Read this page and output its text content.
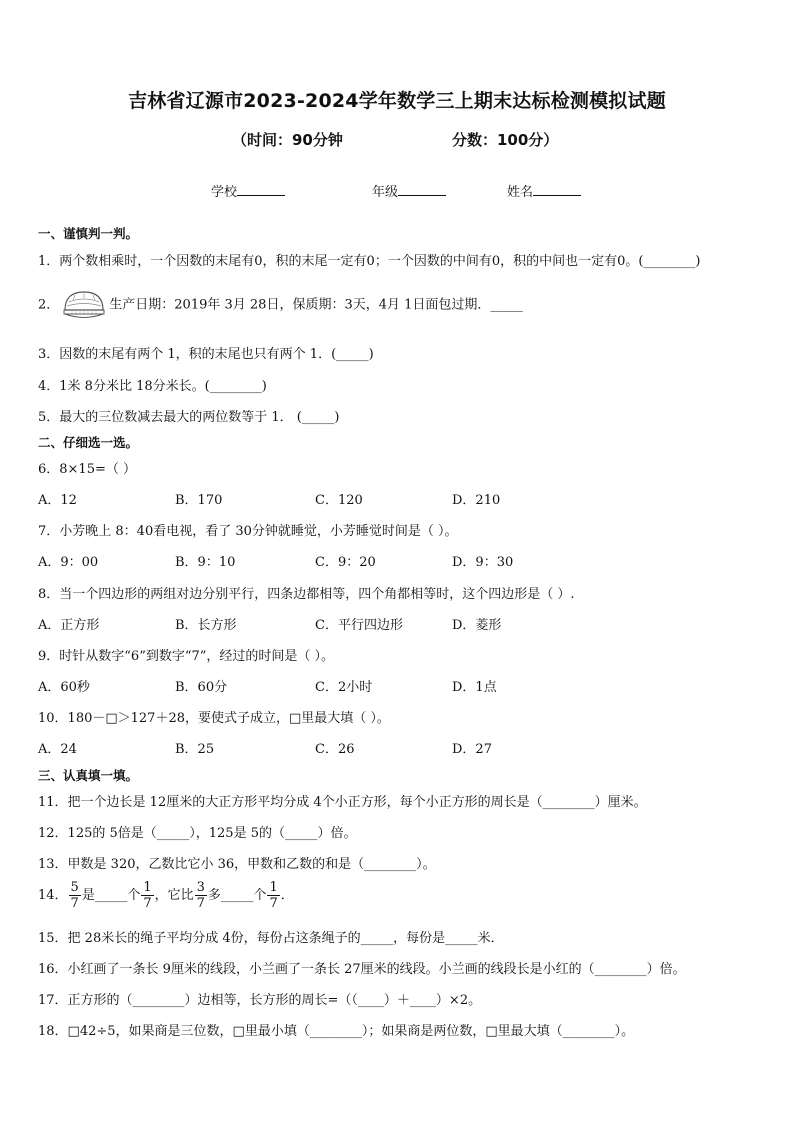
吉林省辽源市2023-2024学年数学三上期末达标检测模拟试题
（时间：90分钟	分数：100分）
学校	年级	姓名
一、谨慎判一判。
1．两个数相乘时，一个因数的末尾有0，积的末尾一定有0；一个因数的中间有0，积的中间也一定有0。(________)
2．	生产日期：2019年 3月 28日，保质期：3天，4月 1日面包过期．_____
3．因数的末尾有两个 1，积的末尾也只有两个 1．(_____)
4．1米 8分米比 18分米长。(________)
5．最大的三位数减去最大的两位数等于 1． (_____)
二、仔细选一选。
6．8×15=（ ）
A．12	B．170	C．120	D．210
7．小芳晚上 8：40看电视，看了 30分钟就睡觉，小芳睡觉时间是（ ）。
A．9：00	B．9：10	C．9：20	D．9：30
8．当一个四边形的两组对边分别平行，四条边都相等，四个角都相等时，这个四边形是（ ）.
A．正方形	B．长方形	C．平行四边形	D．菱形
9．时针从数字“6”到数字“7”，经过的时间是（ ）。
A．60秒	B．60分	C．2小时	D．1点
10．180－□＞127＋28，要使式子成立，□里最大填（ ）。
A．24	B．25	C．26	D．27
三、认真填一填。
11．把一个边长是 12厘米的大正方形平均分成 4个小正方形，每个小正方形的周长是（________）厘米。
12．125的 5倍是（_____），125是 5的（_____）倍。
13．甲数是 320，乙数比它小 36，甲数和乙数的和是（________）。
14． $\frac{5}{7}$ 是_____个 $\frac{1}{7}$ ，它比 $\frac{3}{7}$ 多_____个 $\frac{1}{7}$ ．
15．把 28米长的绳子平均分成 4份，每份占这条绳子的_____，每份是_____米．
16．小红画了一条长 9厘米的线段，小兰画了一条长 27厘米的线段。小兰画的线段长是小红的（________）倍。
17．正方形的（________）边相等，长方形的周长=（（____）＋____）×2。
18．□42÷5，如果商是三位数，□里最小填（________）；如果商是两位数，□里最大填（________）。
